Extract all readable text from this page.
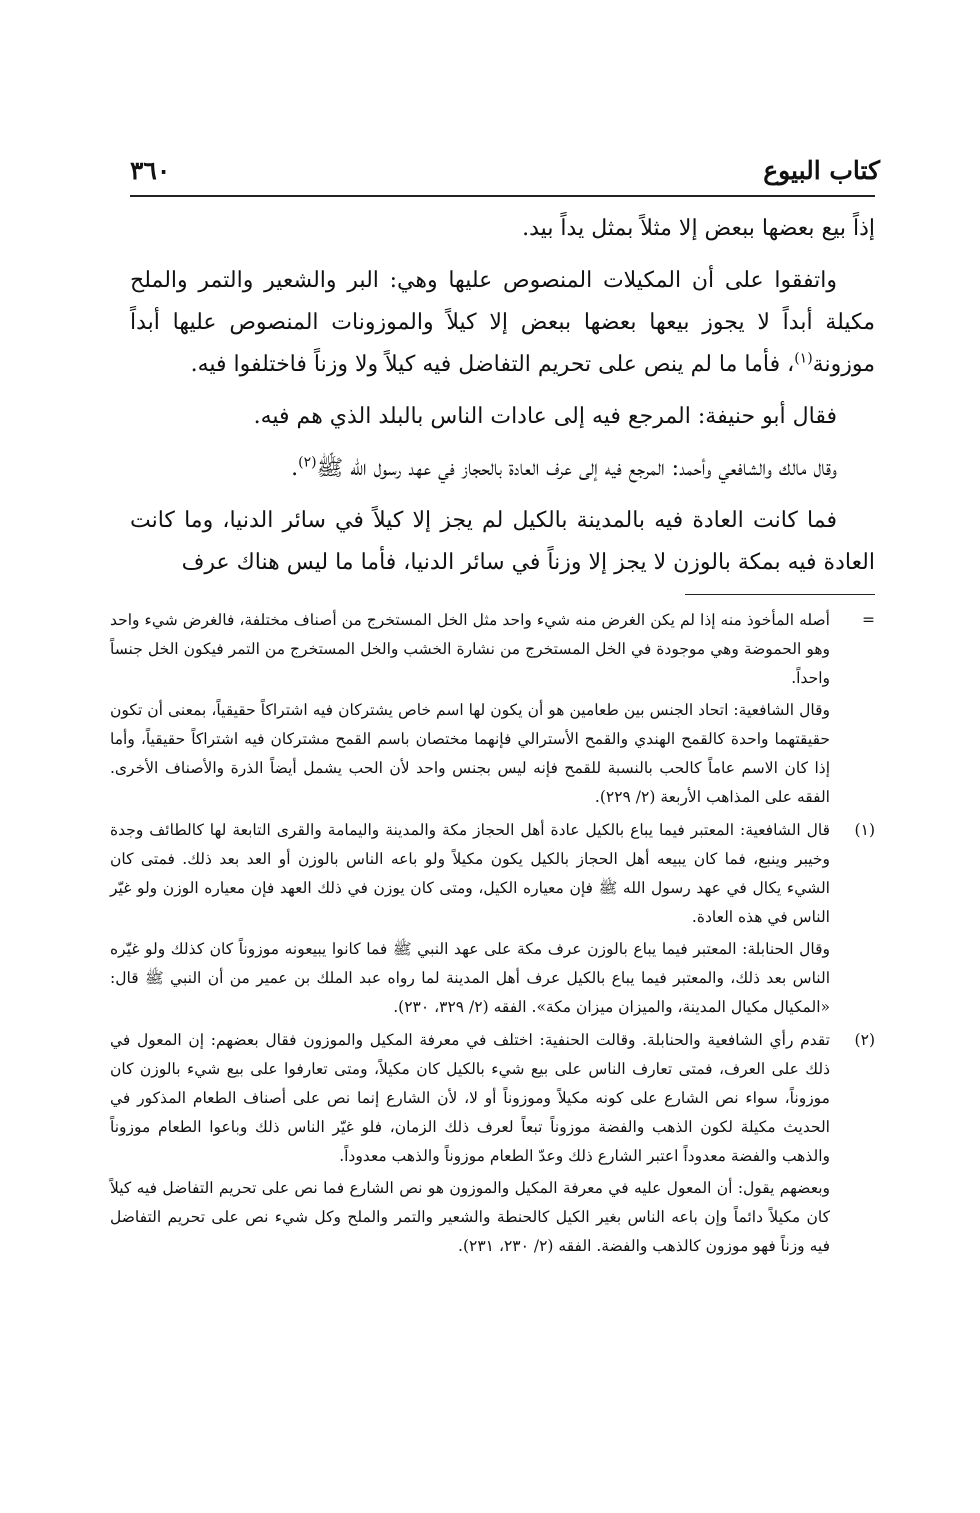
كتاب البيوع
٣٦٠

إذاً بيع بعضها ببعض إلا مثلاً بمثل يداً بيد.

واتفقوا على أن المكيلات المنصوص عليها وهي: البر والشعير والتمر والملح مكيلة أبداً لا يجوز بيعها بعضها ببعض إلا كيلاً والموزونات المنصوص عليها أبداً موزونة$^{(١)}$، فأما ما لم ينص على تحريم التفاضل فيه كيلاً ولا وزناً فاختلفوا فيه.

فقال أبو حنيفة: المرجع فيه إلى عادات الناس بالبلد الذي هم فيه.

وقال مالك والشافعي وأحمد: المرجع فيه إلى عرف العادة بالحجاز في عهد رسول الله ﷺ$^{(٢)}$.

فما كانت العادة فيه بالمدينة بالكيل لم يجز إلا كيلاً في سائر الدنيا، وما كانت العادة فيه بمكة بالوزن لا يجز إلا وزناً في سائر الدنيا، فأما ما ليس هناك عرف

=

أصله المأخوذ منه إذا لم يكن الغرض منه شيء واحد مثل الخل المستخرج من أصناف مختلفة، فالغرض شيء واحد وهو الحموضة وهي موجودة في الخل المستخرج من نشارة الخشب والخل المستخرج من التمر فيكون الخل جنساً واحداً.

وقال الشافعية: اتحاد الجنس بين طعامين هو أن يكون لها اسم خاص يشتركان فيه اشتراكاً حقيقياً، بمعنى أن تكون حقيقتهما واحدة كالقمح الهندي والقمح الأسترالي فإنهما مختصان باسم القمح مشتركان فيه اشتراكاً حقيقياً، وأما إذا كان الاسم عاماً كالحب بالنسبة للقمح فإنه ليس بجنس واحد لأن الحب يشمل أيضاً الذرة والأصناف الأخرى. الفقه على المذاهب الأربعة (٢/ ٢٢٩).

(١)

قال الشافعية: المعتبر فيما يباع بالكيل عادة أهل الحجاز مكة والمدينة واليمامة والقرى التابعة لها كالطائف وجدة وخيبر وينبع، فما كان يبيعه أهل الحجاز بالكيل يكون مكيلاً ولو باعه الناس بالوزن أو العد بعد ذلك. فمتى كان الشيء يكال في عهد رسول الله ﷺ فإن معياره الكيل، ومتى كان يوزن في ذلك العهد فإن معياره الوزن ولو غيّر الناس في هذه العادة.

وقال الحنابلة: المعتبر فيما يباع بالوزن عرف مكة على عهد النبي ﷺ فما كانوا يبيعونه موزوناً كان كذلك ولو غيّره الناس بعد ذلك، والمعتبر فيما يباع بالكيل عرف أهل المدينة لما رواه عبد الملك بن عمير من أن النبي ﷺ قال: «المكيال مكيال المدينة، والميزان ميزان مكة». الفقه (٢/ ٣٢٩، ٢٣٠).

(٢)

تقدم رأي الشافعية والحنابلة. وقالت الحنفية: اختلف في معرفة المكيل والموزون فقال بعضهم: إن المعول في ذلك على العرف، فمتى تعارف الناس على بيع شيء بالكيل كان مكيلاً، ومتى تعارفوا على بيع شيء بالوزن كان موزوناً، سواء نص الشارع على كونه مكيلاً وموزوناً أو لا، لأن الشارع إنما نص على أصناف الطعام المذكور في الحديث مكيلة لكون الذهب والفضة موزوناً تبعاً لعرف ذلك الزمان، فلو غيّر الناس ذلك وباعوا الطعام موزوناً والذهب والفضة معدوداً اعتبر الشارع ذلك وعدّ الطعام موزوناً والذهب معدوداً.

وبعضهم يقول: أن المعول عليه في معرفة المكيل والموزون هو نص الشارع فما نص على تحريم التفاضل فيه كيلاً كان مكيلاً دائماً وإن باعه الناس بغير الكيل كالحنطة والشعير والتمر والملح وكل شيء نص على تحريم التفاضل فيه وزناً فهو موزون كالذهب والفضة. الفقه (٢/ ٢٣٠، ٢٣١).
